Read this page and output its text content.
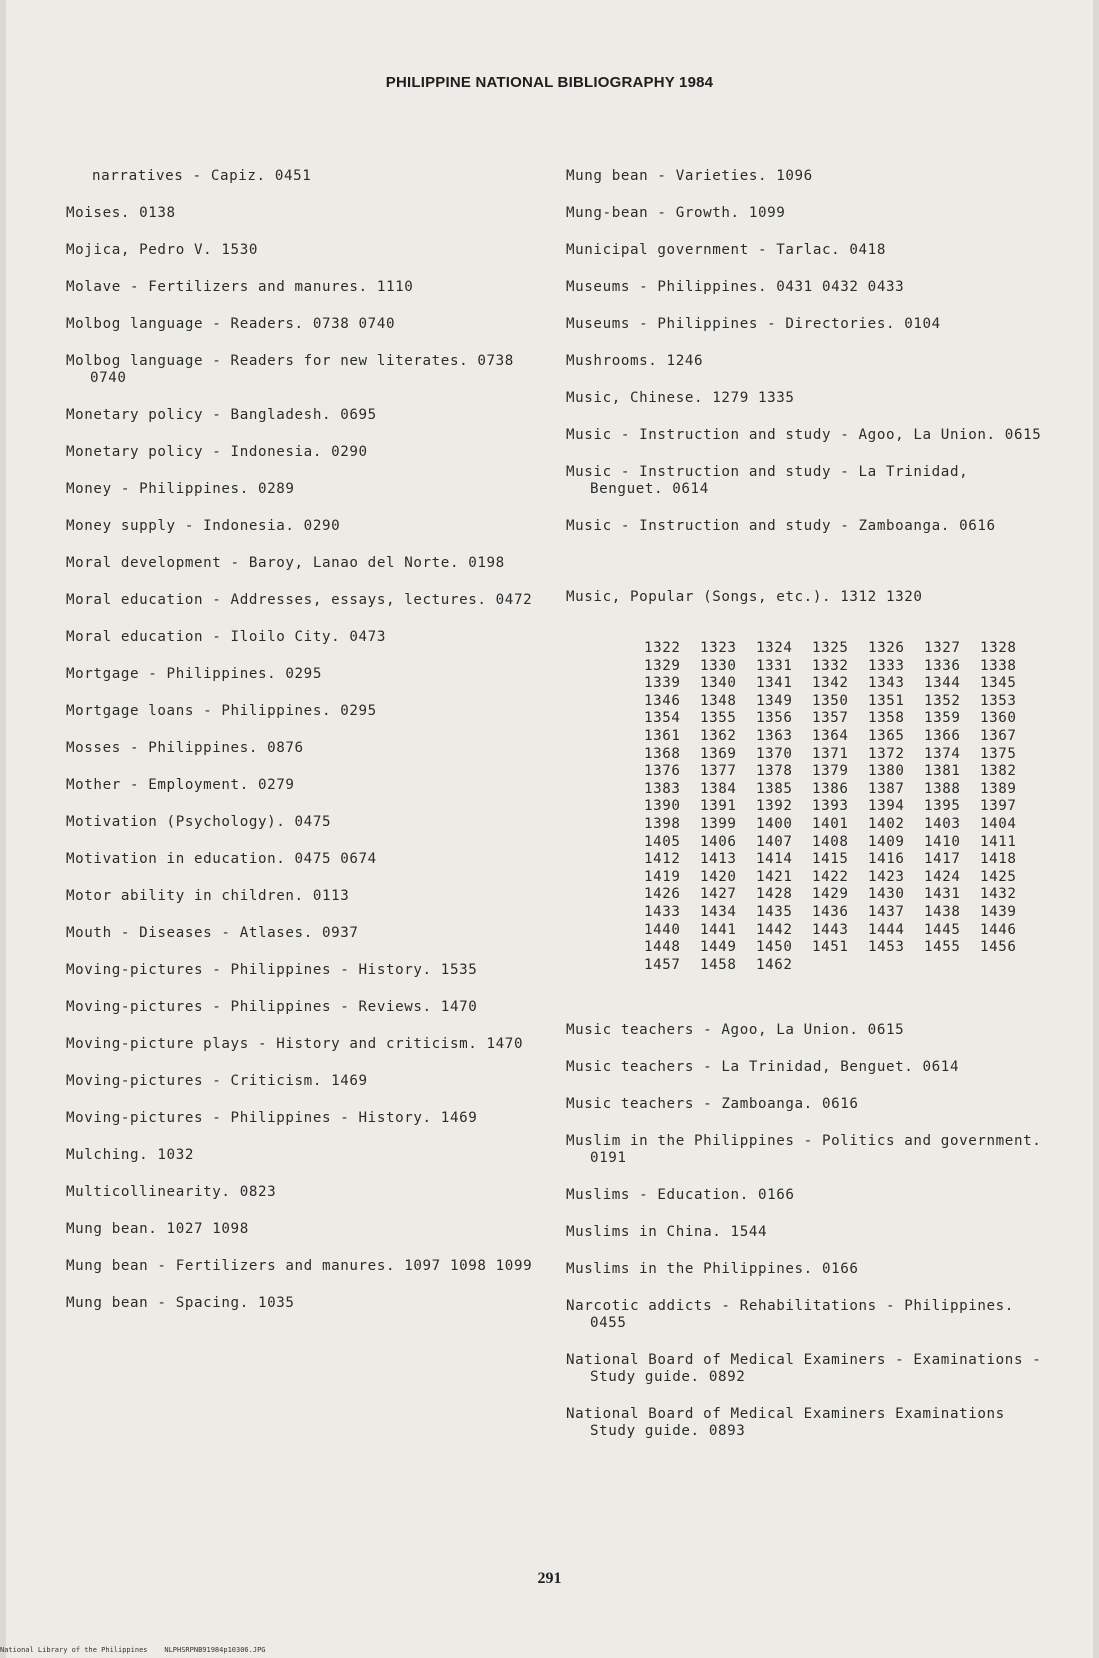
PHILIPPINE NATIONAL BIBLIOGRAPHY 1984
narratives - Capiz. 0451
Moises. 0138
Mojica, Pedro V. 1530
Molave - Fertilizers and manures. 1110
Molbog language - Readers. 0738 0740
Molbog language - Readers for new literates. 0738 0740
Monetary policy - Bangladesh. 0695
Monetary policy - Indonesia. 0290
Money - Philippines. 0289
Money supply - Indonesia. 0290
Moral development - Baroy, Lanao del Norte. 0198
Moral education - Addresses, essays, lectures. 0472
Moral education - Iloilo City. 0473
Mortgage - Philippines. 0295
Mortgage loans - Philippines. 0295
Mosses - Philippines. 0876
Mother - Employment. 0279
Motivation (Psychology). 0475
Motivation in education. 0475 0674
Motor ability in children. 0113
Mouth - Diseases - Atlases. 0937
Moving-pictures - Philippines - History. 1535
Moving-pictures - Philippines - Reviews. 1470
Moving-picture plays - History and criticism. 1470
Moving-pictures - Criticism. 1469
Moving-pictures - Philippines - History. 1469
Mulching. 1032
Multicollinearity. 0823
Mung bean. 1027 1098
Mung bean - Fertilizers and manures. 1097 1098 1099
Mung bean - Spacing. 1035
Mung bean - Varieties. 1096
Mung-bean - Growth. 1099
Municipal government - Tarlac. 0418
Museums - Philippines. 0431 0432 0433
Museums - Philippines - Directories. 0104
Mushrooms. 1246
Music, Chinese. 1279 1335
Music - Instruction and study - Agoo, La Union. 0615
Music - Instruction and study - La Trinidad, Benguet. 0614
Music - Instruction and study - Zamboanga. 0616

Music, Popular (Songs, etc.). 1312 1320

1322	1323	1324	1325	1326	1327	1328
1329	1330	1331	1332	1333	1336	1338
1339	1340	1341	1342	1343	1344	1345
1346	1348	1349	1350	1351	1352	1353
1354	1355	1356	1357	1358	1359	1360
1361	1362	1363	1364	1365	1366	1367
1368	1369	1370	1371	1372	1374	1375
1376	1377	1378	1379	1380	1381	1382
1383	1384	1385	1386	1387	1388	1389
1390	1391	1392	1393	1394	1395	1397
1398	1399	1400	1401	1402	1403	1404
1405	1406	1407	1408	1409	1410	1411
1412	1413	1414	1415	1416	1417	1418
1419	1420	1421	1422	1423	1424	1425
1426	1427	1428	1429	1430	1431	1432
1433	1434	1435	1436	1437	1438	1439
1440	1441	1442	1443	1444	1445	1446
1448	1449	1450	1451	1453	1455	1456
1457	1458	1462

Music teachers - Agoo, La Union. 0615
Music teachers - La Trinidad, Benguet. 0614
Music teachers - Zamboanga. 0616
Muslim in the Philippines - Politics and government. 0191
Muslims - Education. 0166
Muslims in China. 1544
Muslims in the Philippines. 0166
Narcotic addicts - Rehabilitations - Philippines. 0455
National Board of Medical Examiners - Examinations - Study guide. 0892
National Board of Medical Examiners Examinations Study guide. 0893
291
National Library of the Philippines    NLPHSRPNB91984p10306.JPG
